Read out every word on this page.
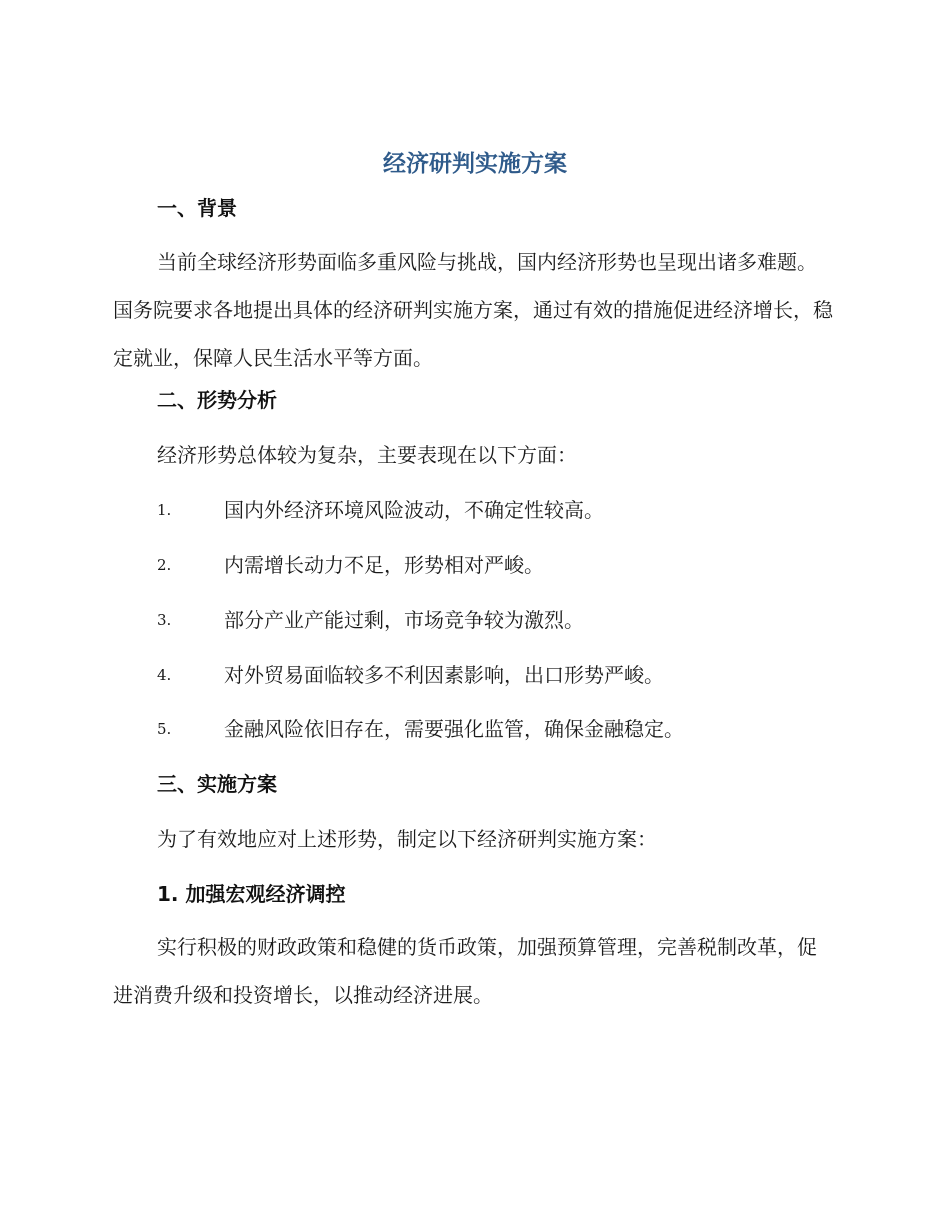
经济研判实施方案
一、背景

当前全球经济形势面临多重风险与挑战，国内经济形势也呈现出诸多难题。国务院要求各地提出具体的经济研判实施方案，通过有效的措施促进经济增长，稳定就业，保障人民生活水平等方面。

二、形势分析
经济形势总体较为复杂，主要表现在以下方面：
1.	国内外经济环境风险波动，不确定性较高。
2.	内需增长动力不足，形势相对严峻。
3.	部分产业产能过剩，市场竞争较为激烈。
4.	对外贸易面临较多不利因素影响，出口形势严峻。
5.	金融风险依旧存在，需要强化监管，确保金融稳定。
三、实施方案
为了有效地应对上述形势，制定以下经济研判实施方案：
1. 加强宏观经济调控

实行积极的财政政策和稳健的货币政策，加强预算管理，完善税制改革，促进消费升级和投资增长，以推动经济进展。
